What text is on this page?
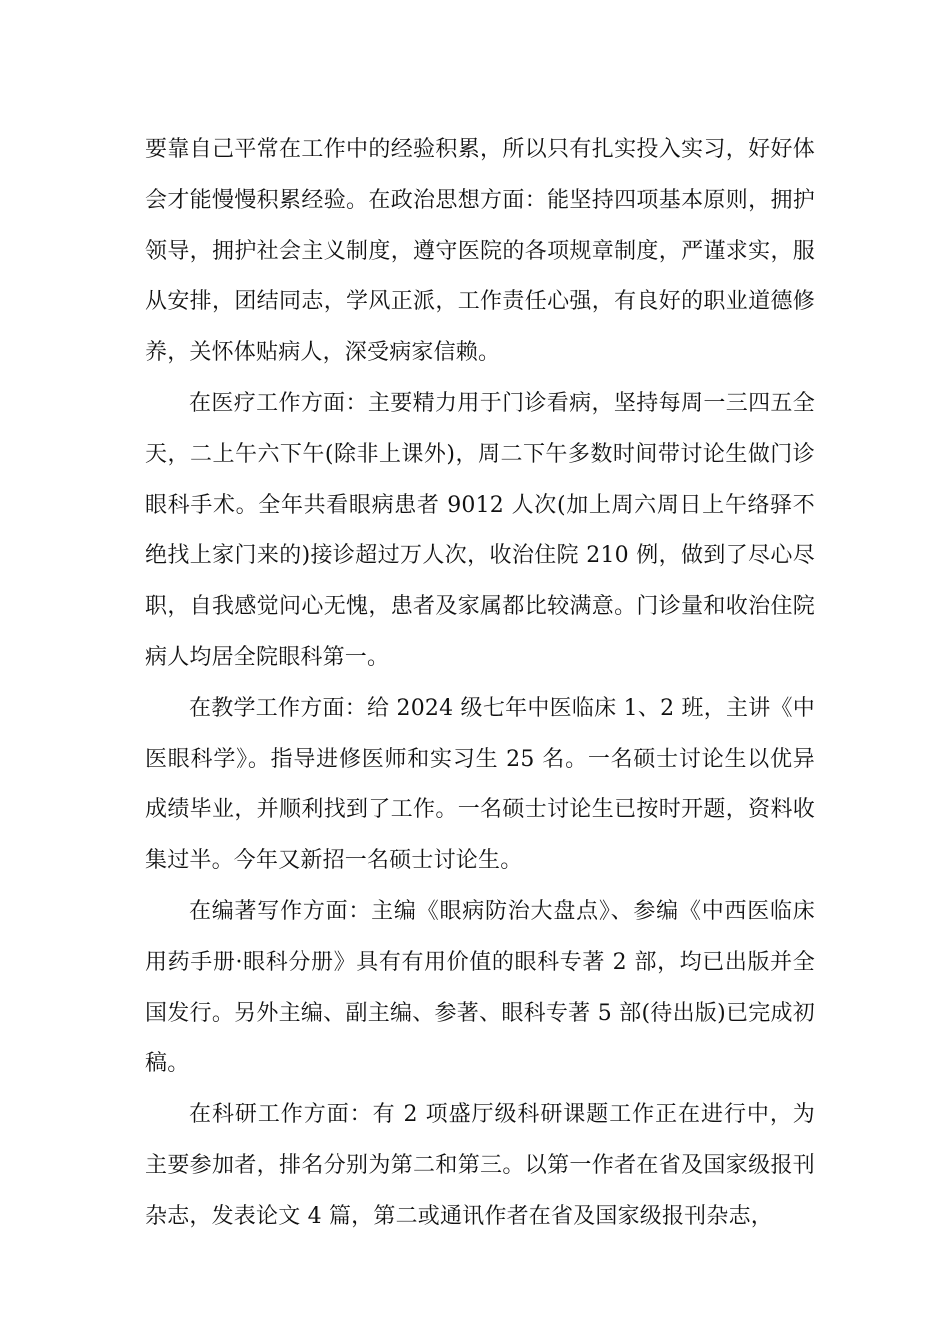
要靠自己平常在工作中的经验积累，所以只有扎实投入实习，好好体会才能慢慢积累经验。在政治思想方面：能坚持四项基本原则，拥护领导，拥护社会主义制度，遵守医院的各项规章制度，严谨求实，服从安排，团结同志，学风正派，工作责任心强，有良好的职业道德修养，关怀体贴病人，深受病家信赖。

在医疗工作方面：主要精力用于门诊看病，坚持每周一三四五全天，二上午六下午(除非上课外)，周二下午多数时间带讨论生做门诊眼科手术。全年共看眼病患者 9012 人次(加上周六周日上午络驿不绝找上家门来的)接诊超过万人次，收治住院 210 例，做到了尽心尽职，自我感觉问心无愧，患者及家属都比较满意。门诊量和收治住院病人均居全院眼科第一。

在教学工作方面：给 2024 级七年中医临床 1、2 班，主讲《中医眼科学》。指导进修医师和实习生 25 名。一名硕士讨论生以优异成绩毕业，并顺利找到了工作。一名硕士讨论生已按时开题，资料收集过半。今年又新招一名硕士讨论生。

在编著写作方面：主编《眼病防治大盘点》、参编《中西医临床用药手册·眼科分册》具有有用价值的眼科专著 2 部，均已出版并全国发行。另外主编、副主编、参著、眼科专著 5 部(待出版)已完成初稿。

在科研工作方面：有 2 项盛厅级科研课题工作正在进行中，为主要参加者，排名分别为第二和第三。以第一作者在省及国家级报刊杂志，发表论文 4 篇，第二或通讯作者在省及国家级报刊杂志，
